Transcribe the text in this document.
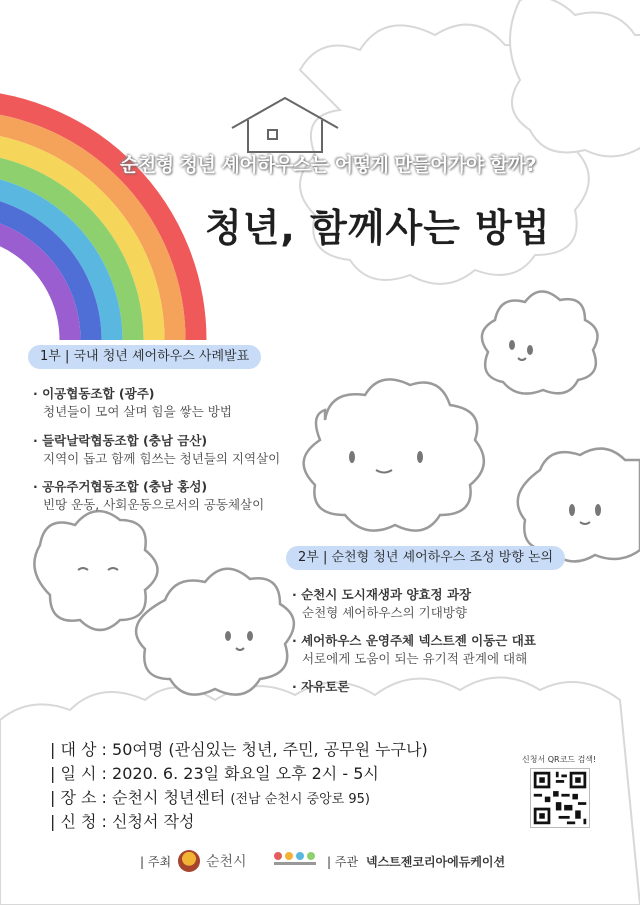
순천형 청년 셰어하우스는 어떻게 만들어가야 할까?
청년, 함께사는 방법
1부 | 국내 청년 셰어하우스 사례발표
· 이공협동조합 (광주)
청년들이 모여 살며 힘을 쌓는 방법
· 들락날락협동조합 (충남 금산)
지역이 돕고 함께 힘쓰는 청년들의 지역살이
· 공유주거협동조합 (충남 홍성)
빈땅 운동, 사회운동으로서의 공동체살이
2부 | 순천형 청년 셰어하우스 조성 방향 논의
· 순천시 도시재생과 양효정 과장
순천형 셰어하우스의 기대방향
· 셰어하우스 운영주체 넥스트젠 이동근 대표
서로에게 도움이 되는 유기적 관계에 대해
· 자유토론
| 대 상 : 50여명 (관심있는 청년, 주민, 공무원 누구나)
| 일 시 : 2020. 6. 23일 화요일 오후 2시 - 5시
| 장 소 : 순천시 청년센터 (전남 순천시 중앙로 95)
| 신 청 : 신청서 작성
신청서 QR코드 검색!
| 주최 순천시	| 주관 넥스트젠코리아에듀케이션
